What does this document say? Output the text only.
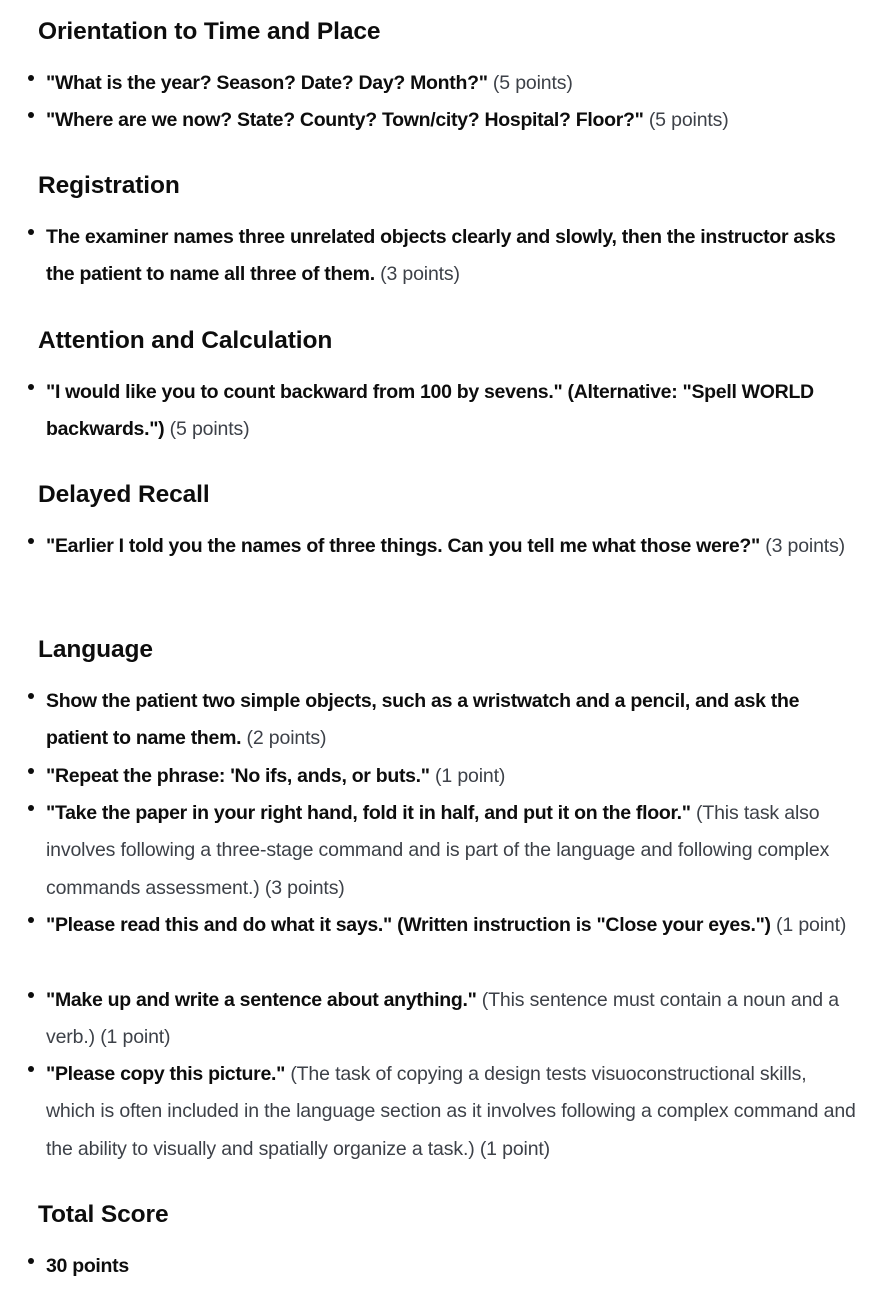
Orientation to Time and Place
"What is the year? Season? Date? Day? Month?" (5 points)
"Where are we now? State? County? Town/city? Hospital? Floor?" (5 points)
Registration
The examiner names three unrelated objects clearly and slowly, then the instructor asks the patient to name all three of them. (3 points)
Attention and Calculation
"I would like you to count backward from 100 by sevens." (Alternative: "Spell WORLD backwards.") (5 points)
Delayed Recall
"Earlier I told you the names of three things. Can you tell me what those were?" (3 points)
Language
Show the patient two simple objects, such as a wristwatch and a pencil, and ask the patient to name them. (2 points)
"Repeat the phrase: 'No ifs, ands, or buts." (1 point)
"Take the paper in your right hand, fold it in half, and put it on the floor." (This task also involves following a three-stage command and is part of the language and following complex commands assessment.) (3 points)
"Please read this and do what it says." (Written instruction is "Close your eyes.") (1 point)
"Make up and write a sentence about anything." (This sentence must contain a noun and a verb.) (1 point)
"Please copy this picture." (The task of copying a design tests visuoconstructional skills, which is often included in the language section as it involves following a complex command and the ability to visually and spatially organize a task.) (1 point)
Total Score
30 points
